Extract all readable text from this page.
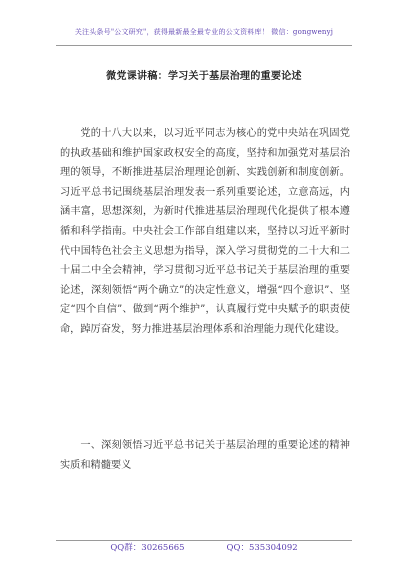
关注头条号"公文研究"，获得最新最全最专业的公文资料库！ 微信：gongwenyj
微党课讲稿：学习关于基层治理的重要论述

党的十八大以来，以习近平同志为核心的党中央站在巩固党的执政基础和维护国家政权安全的高度，坚持和加强党对基层治理的领导，不断推进基层治理理论创新、实践创新和制度创新。习近平总书记围绕基层治理发表一系列重要论述，立意高远，内涵丰富，思想深刻，为新时代推进基层治理现代化提供了根本遵循和科学指南。中央社会工作部自组建以来，坚持以习近平新时代中国特色社会主义思想为指导，深入学习贯彻党的二十大和二十届二中全会精神，学习贯彻习近平总书记关于基层治理的重要论述，深刻领悟“两个确立”的决定性意义，增强“四个意识”、坚定“四个自信”、做到“两个维护”，认真履行党中央赋予的职责使命，踔厉奋发，努力推进基层治理体系和治理能力现代化建设。

一、深刻领悟习近平总书记关于基层治理的重要论述的精神实质和精髓要义

QQ群：30265665	QQ：535304092
